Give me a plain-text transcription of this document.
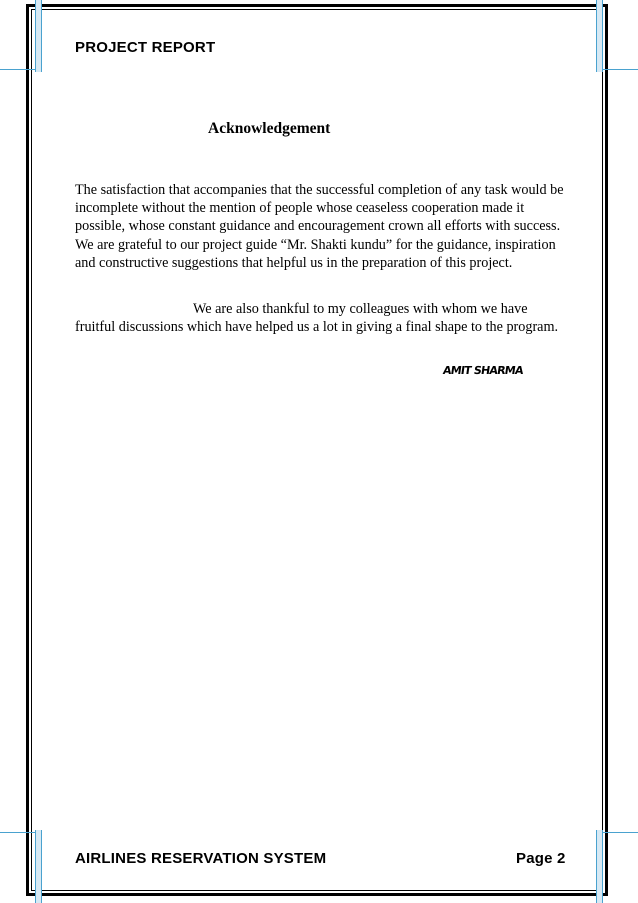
PROJECT REPORT
Acknowledgement

The satisfaction that accompanies that the successful completion of any task would be incomplete without the mention of people whose ceaseless cooperation made it possible, whose constant guidance and encouragement crown all efforts with success. We are grateful to our project guide “Mr. Shakti kundu” for the guidance, inspiration and constructive suggestions that helpful us in the preparation of this project.

We are also thankful to my colleagues with whom we have fruitful discussions which have helped us a lot in giving a final shape to the program.

AMIT SHARMA
AIRLINES RESERVATION SYSTEM	Page 2
